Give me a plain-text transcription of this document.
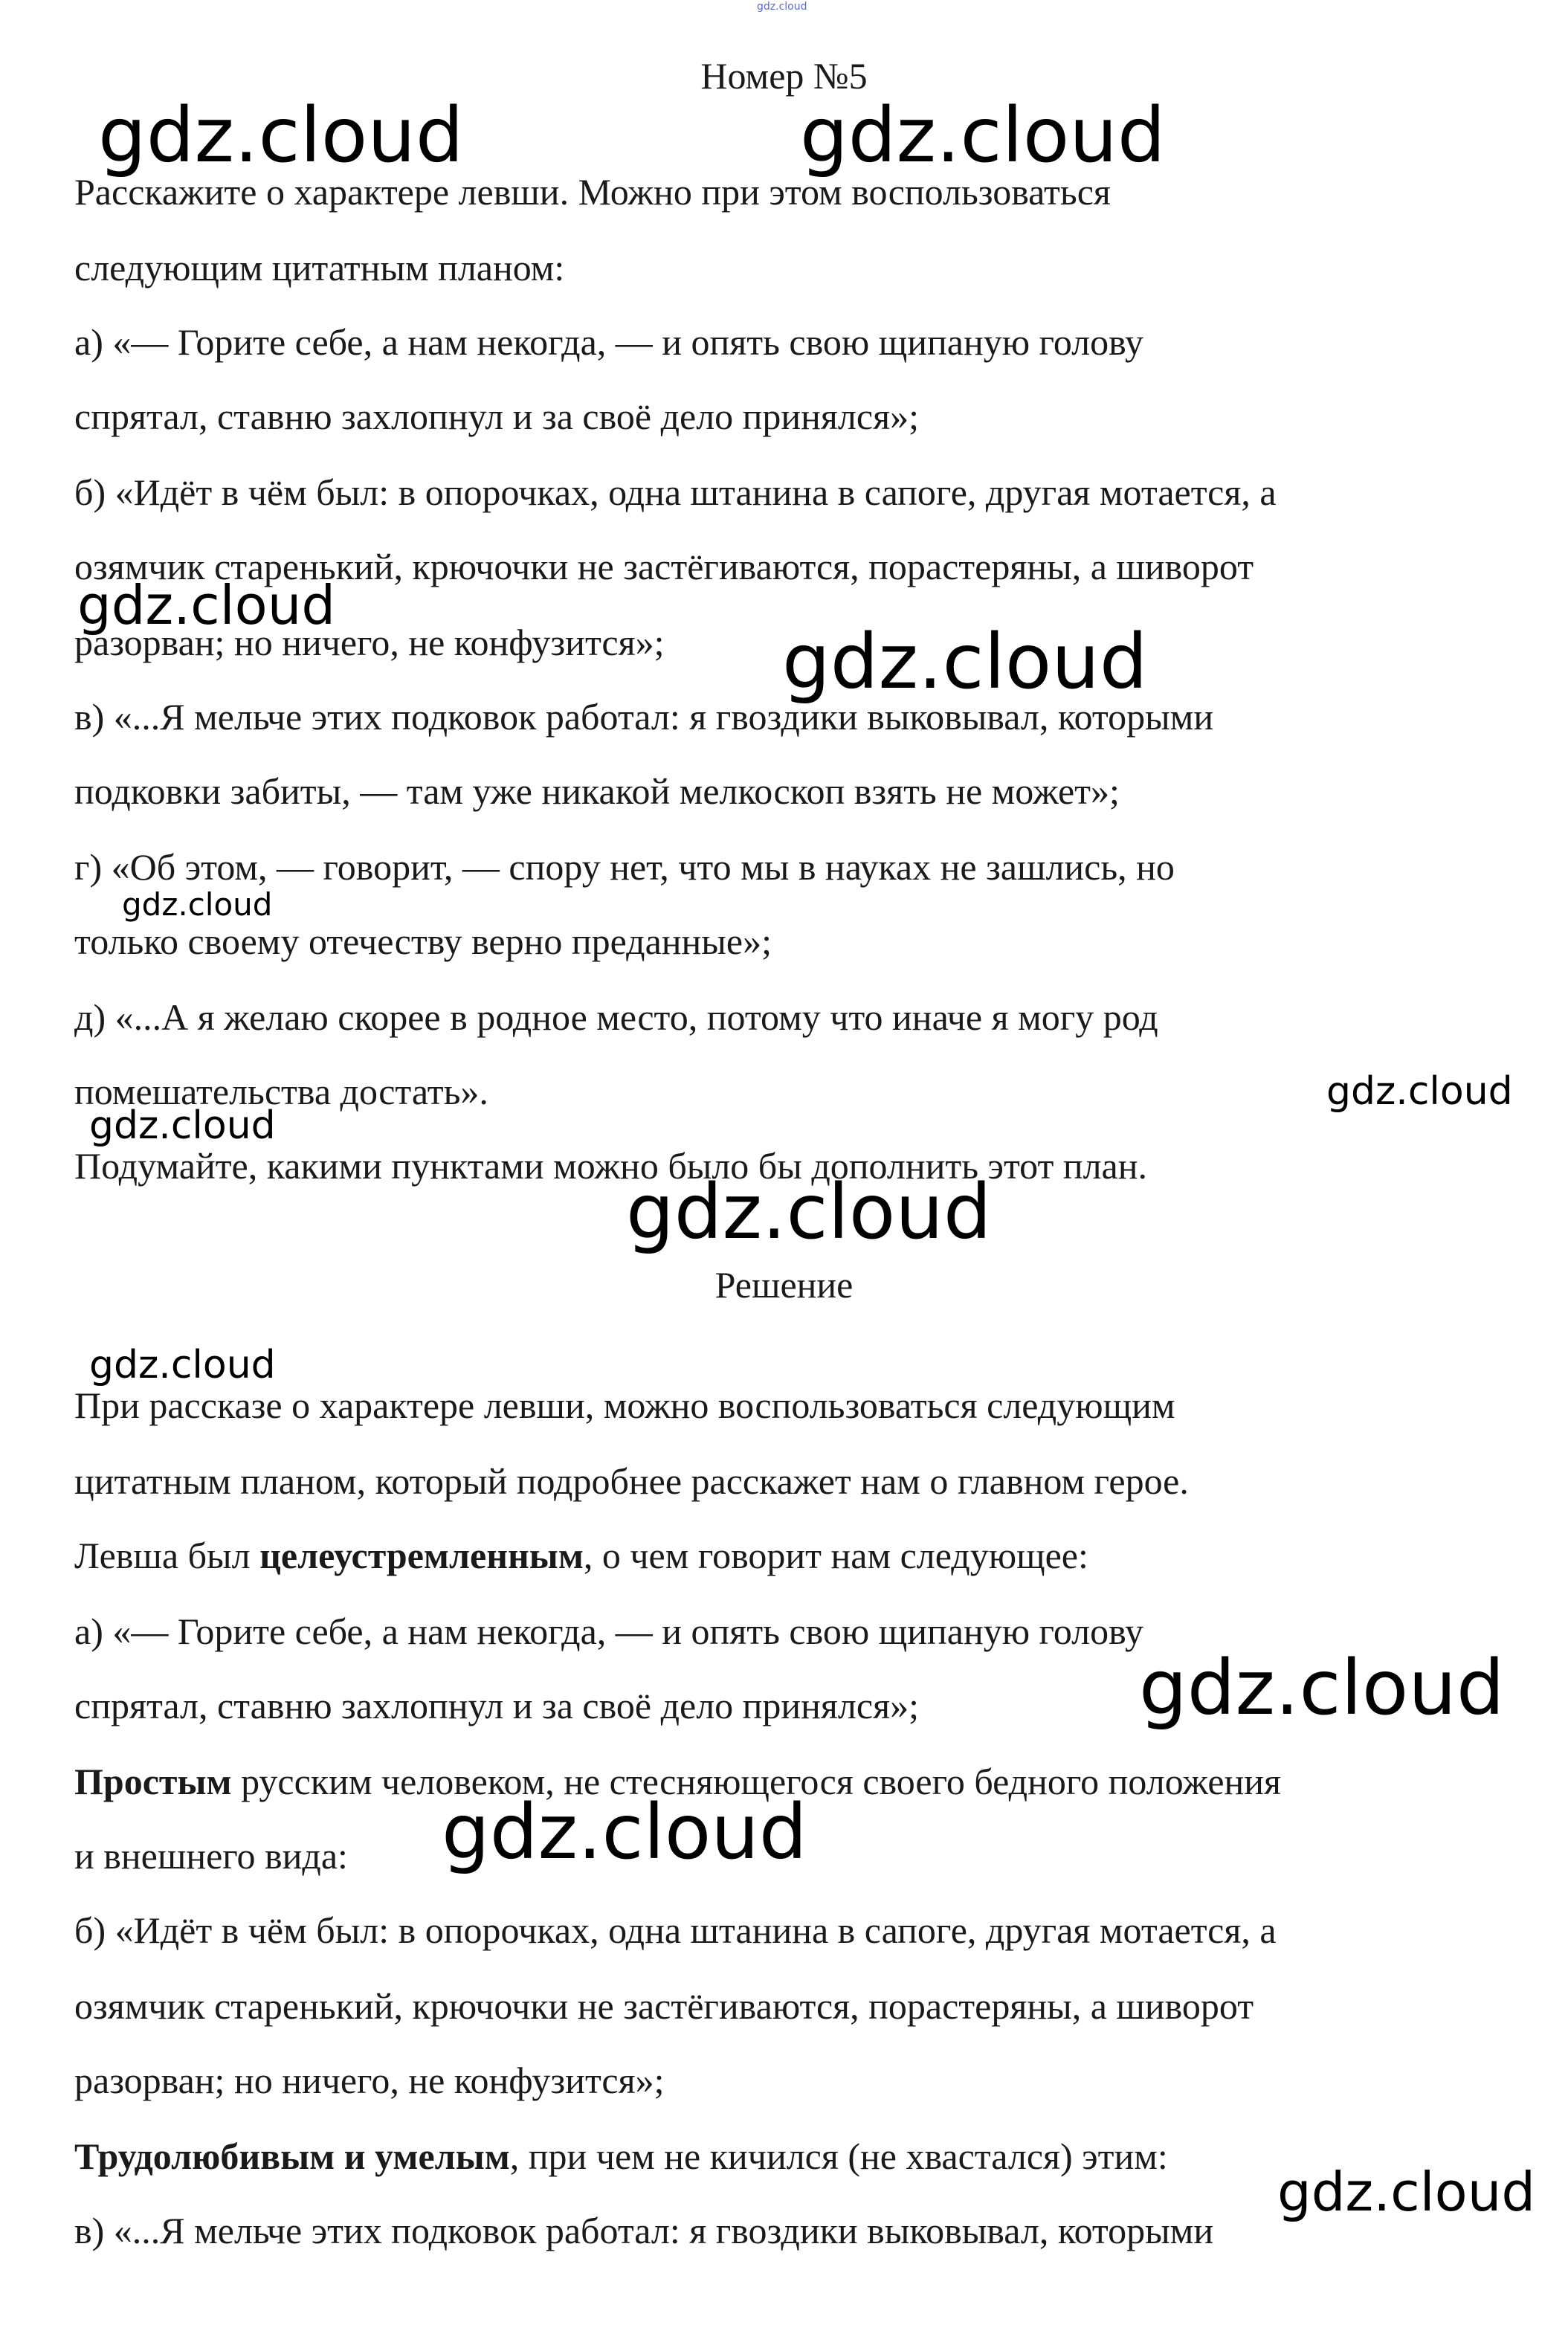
gdz.cloud
Номер №5
Расскажите о характере левши. Можно при этом воспользоваться
следующим цитатным планом:
а) «— Горите себе, а нам некогда, — и опять свою щипаную голову
спрятал, ставню захлопнул и за своё дело принялся»;
б) «Идёт в чём был: в опорочках, одна штанина в сапоге, другая мотается, а
озямчик старенький, крючочки не застёгиваются, порастеряны, а шиворот
разорван; но ничего, не конфузится»;
в) «...Я мельче этих подковок работал: я гвоздики выковывал, которыми
подковки забиты, — там уже никакой мелкоскоп взять не может»;
г) «Об этом, — говорит, — спору нет, что мы в науках не зашлись, но
только своему отечеству верно преданные»;
д) «...А я желаю скорее в родное место, потому что иначе я могу род
помешательства достать».
Подумайте, какими пунктами можно было бы дополнить этот план.
Решение
При рассказе о характере левши, можно воспользоваться следующим
цитатным планом, который подробнее расскажет нам о главном герое.
Левша был целеустремленным, о чем говорит нам следующее:
а) «— Горите себе, а нам некогда, — и опять свою щипаную голову
спрятал, ставню захлопнул и за своё дело принялся»;
Простым русским человеком, не стесняющегося своего бедного положения
и внешнего вида:
б) «Идёт в чём был: в опорочках, одна штанина в сапоге, другая мотается, а
озямчик старенький, крючочки не застёгиваются, порастеряны, а шиворот
разорван; но ничего, не конфузится»;
Трудолюбивым и умелым, при чем не кичился (не хвастался) этим:
в) «...Я мельче этих подковок работал: я гвоздики выковывал, которыми
gdz.cloud	gdz.cloud
gdz.cloud
gdz.cloud
gdz.cloud
gdz.cloud
gdz.cloud
gdz.cloud
gdz.cloud
gdz.cloud
gdz.cloud
gdz.cloud
